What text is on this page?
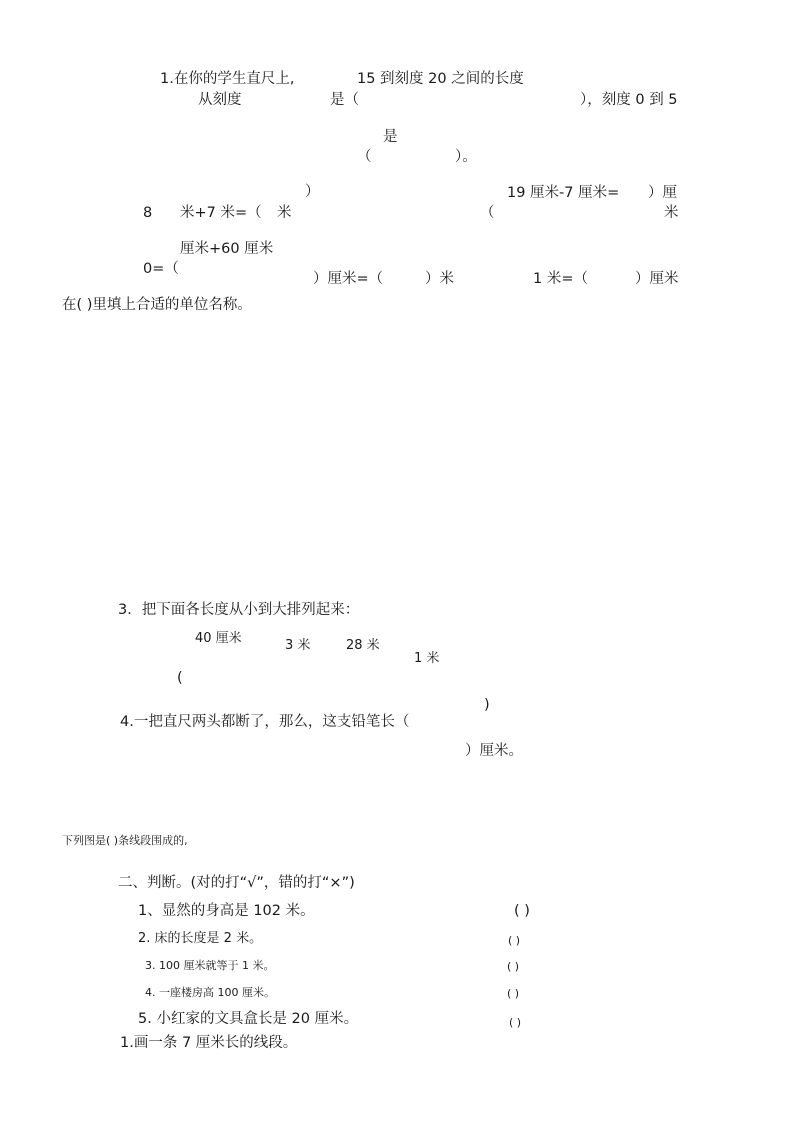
1.在你的学生直尺上,	15 到刻度 20 之间的长度
从刻度	是（	），刻度 0 到 5
是
（	）。
）	19 厘米-7 厘米= ）厘
8 米+7 米=（ 米	（	米
厘米+60 厘米
0=（
）厘米=（	）米	1 米=（	）厘米
在( )里填上合适的单位名称。
3．把下面各长度从小到大排列起来：
40 厘米	3 米	28 米
1 米
(
)
4.一把直尺两头都断了，那么，这支铅笔长（
）厘米。
下列图是( )条线段围成的,
二、判断。(对的打“√”，错的打“×”)
1、显然的身高是 102 米。	( )
2. 床的长度是 2 米。	( )
3. 100 厘米就等于 1 米。	( )
4. 一座楼房高 100 厘米。	( )
5. 小红家的文具盒长是 20 厘米。	( )
1.画一条 7 厘米长的线段。
